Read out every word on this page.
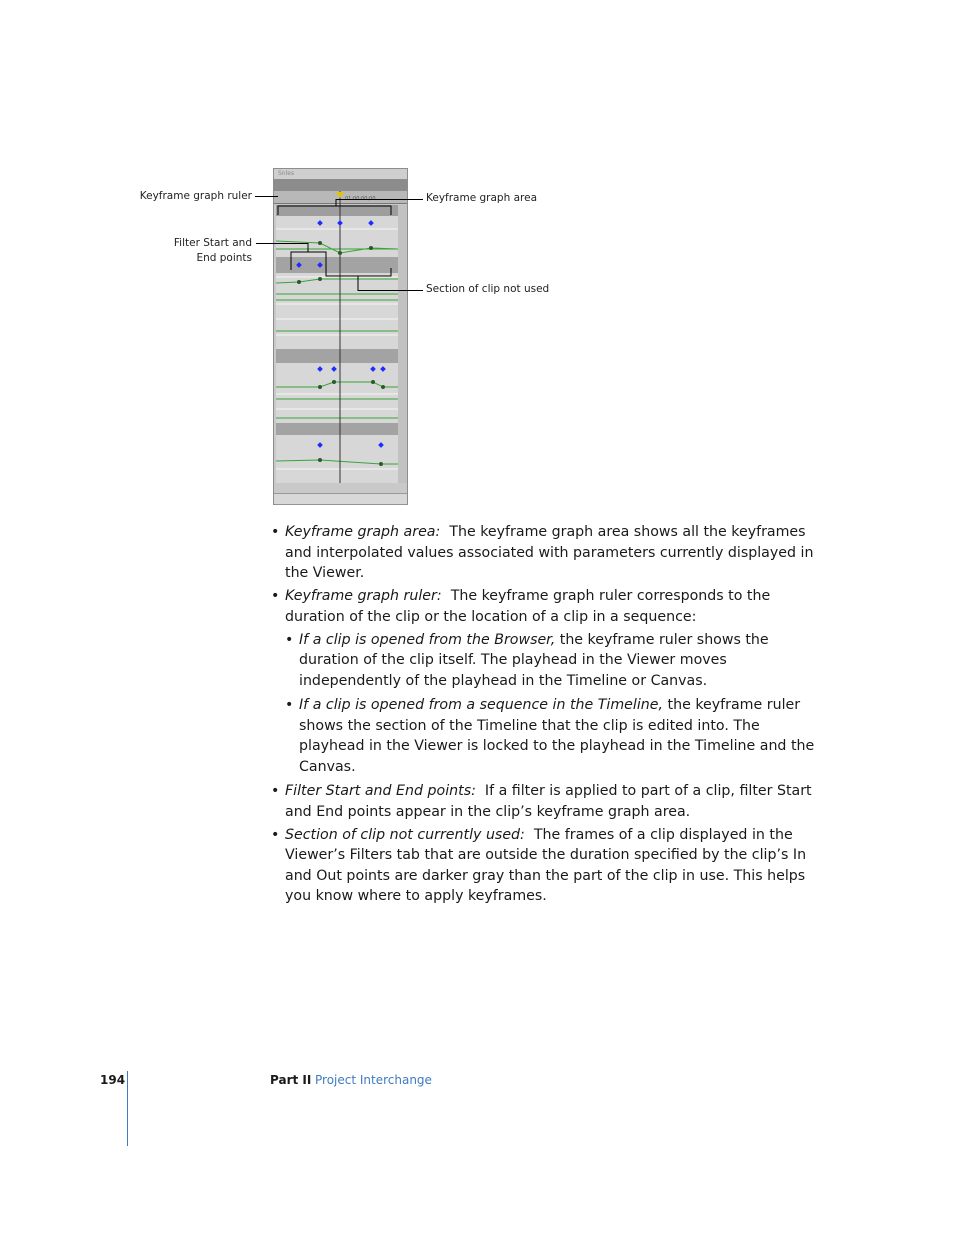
Snles
01:00:00;00
Keyframe graph ruler	Keyframe graph area
Filter Start and
End points
Section of clip not used
• Keyframe graph area: The keyframe graph area shows all the keyframes and interpolated values associated with parameters currently displayed in the Viewer.
• Keyframe graph ruler: The keyframe graph ruler corresponds to the duration of the clip or the location of a clip in a sequence:
• If a clip is opened from the Browser, the keyframe ruler shows the duration of the clip itself. The playhead in the Viewer moves independently of the playhead in the Timeline or Canvas.
• If a clip is opened from a sequence in the Timeline, the keyframe ruler shows the section of the Timeline that the clip is edited into. The playhead in the Viewer is locked to the playhead in the Timeline and the Canvas.
• Filter Start and End points: If a filter is applied to part of a clip, filter Start and End points appear in the clip’s keyframe graph area.
• Section of clip not currently used: The frames of a clip displayed in the Viewer’s Filters tab that are outside the duration specified by the clip’s In and Out points are darker gray than the part of the clip in use. This helps you know where to apply keyframes.
194	Part II Project Interchange
